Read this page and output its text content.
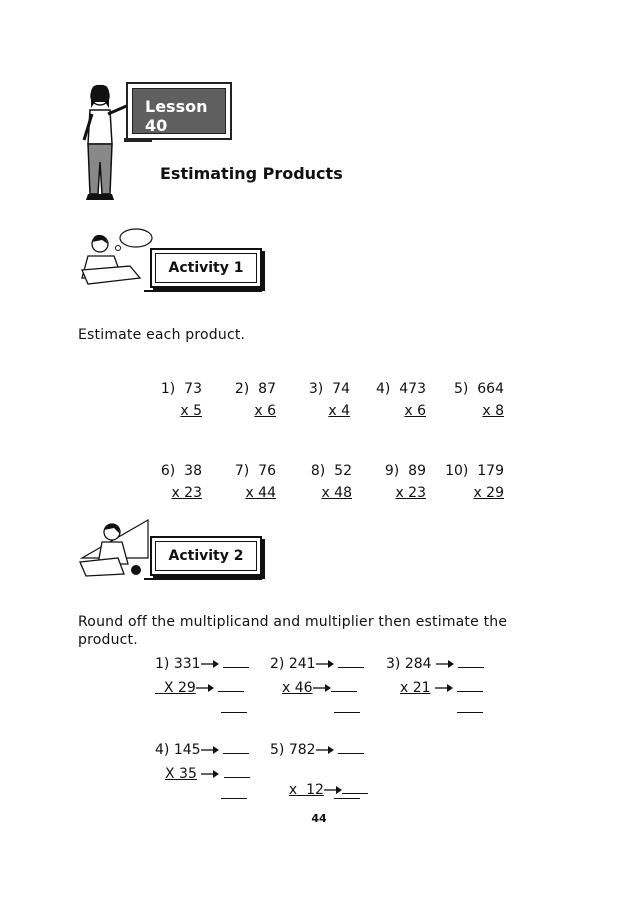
Lesson 40
Estimating Products
Activity 1
Estimate each product.
1) 73
x 5
2) 87
x 6
3) 74
x 4
4) 473
x 6
5) 664
x 8
6) 38
x 23
7) 76
x 44
8) 52
x 48
9) 89
x 23
10) 179
x 29
Activity 2
Round off the multiplicand and multiplier then estimate the
product.
1) 331
X 29
2) 241
x 46
3) 284
x 21
4) 145
X 35
5) 782

x  12

44
